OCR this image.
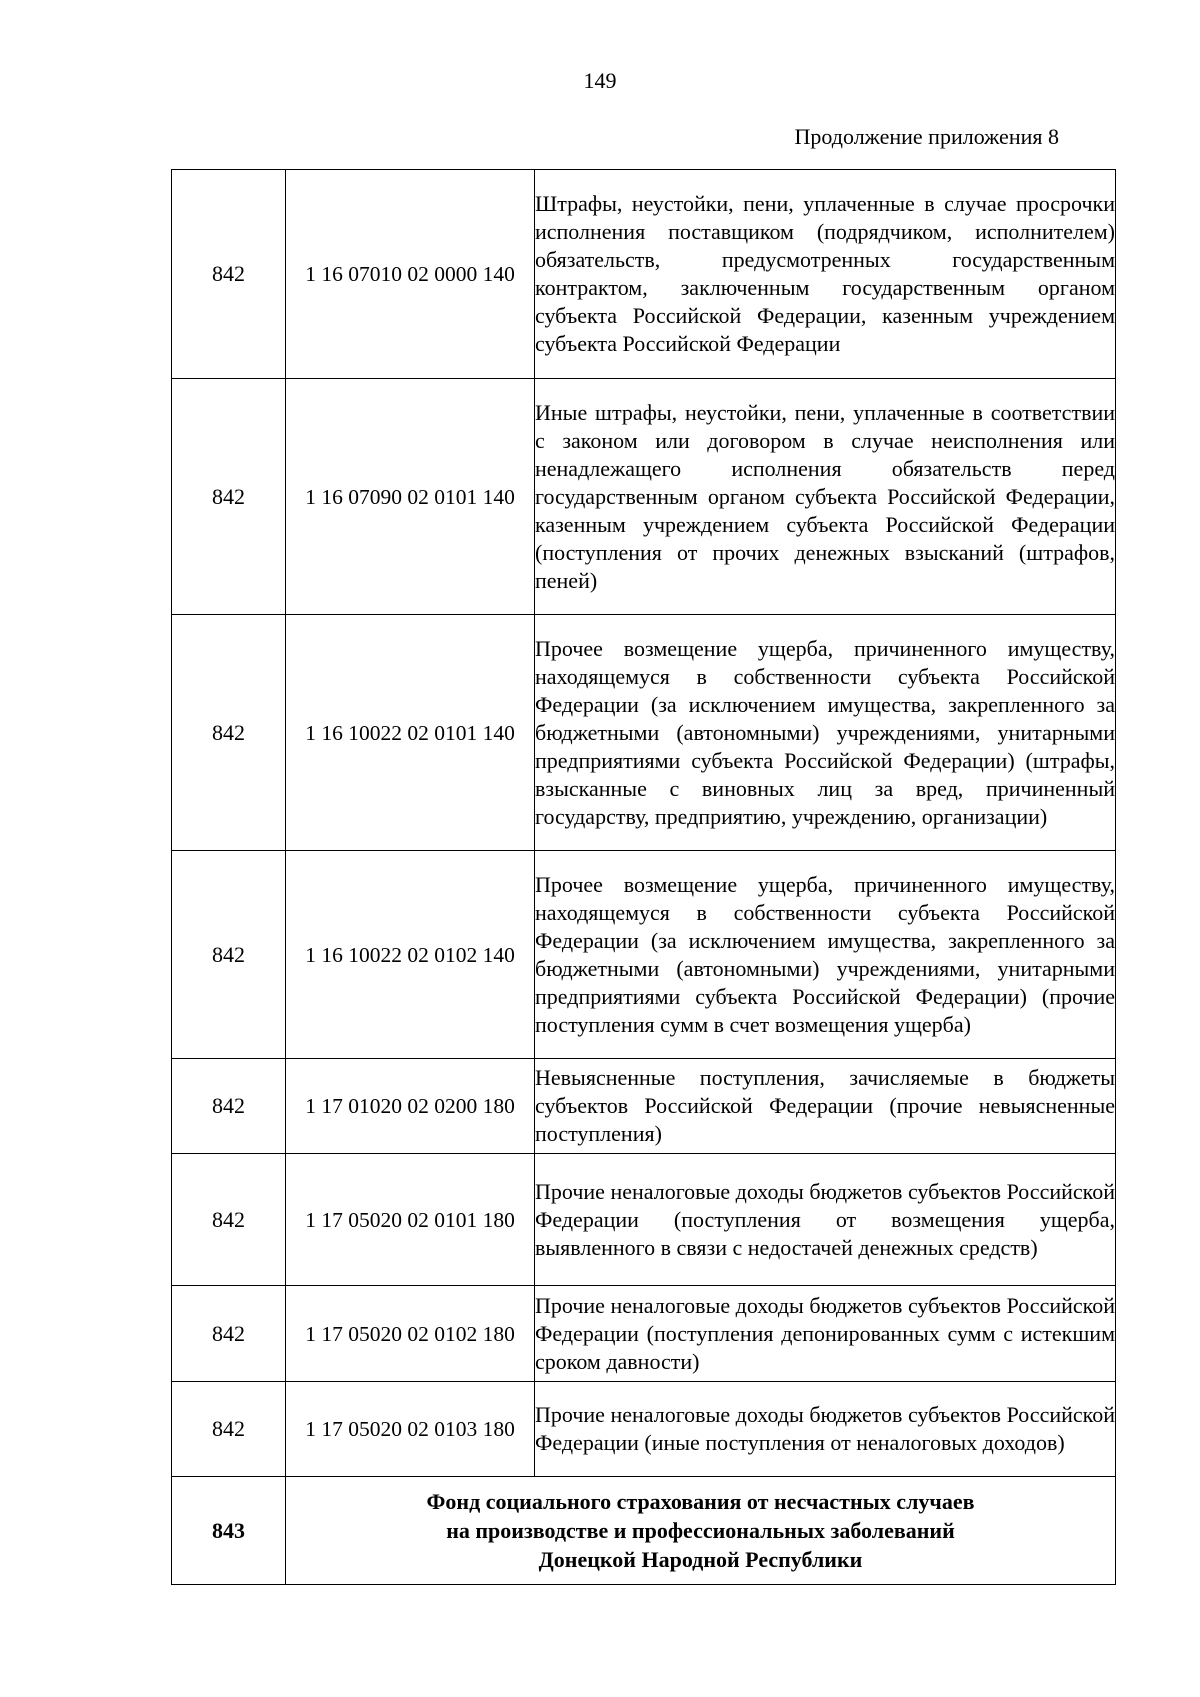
149
Продолжение приложения 8
842	1 16 07010 02 0000 140	Штрафы, неустойки, пени, уплаченные в случае просрочки исполнения поставщиком (подрядчиком, исполнителем) обязательств, предусмотренных государственным контрактом, заключенным государственным органом субъекта Российской Федерации, казенным учреждением субъекта Российской Федерации
842	1 16 07090 02 0101 140	Иные штрафы, неустойки, пени, уплаченные в соответствии с законом или договором в случае неисполнения или ненадлежащего исполнения обязательств перед государственным органом субъекта Российской Федерации, казенным учреждением субъекта Российской Федерации (поступления от прочих денежных взысканий (штрафов, пеней)
842	1 16 10022 02 0101 140	Прочее возмещение ущерба, причиненного имуществу, находящемуся в собственности субъекта Российской Федерации (за исключением имущества, закрепленного за бюджетными (автономными) учреждениями, унитарными предприятиями субъекта Российской Федерации) (штрафы, взысканные с виновных лиц за вред, причиненный государству, предприятию, учреждению, организации)
842	1 16 10022 02 0102 140	Прочее возмещение ущерба, причиненного имуществу, находящемуся в собственности субъекта Российской Федерации (за исключением имущества, закрепленного за бюджетными (автономными) учреждениями, унитарными предприятиями субъекта Российской Федерации) (прочие поступления сумм в счет возмещения ущерба)
842	1 17 01020 02 0200 180	Невыясненные поступления, зачисляемые в бюджеты субъектов Российской Федерации (прочие невыясненные поступления)
842	1 17 05020 02 0101 180	Прочие неналоговые доходы бюджетов субъектов Российской Федерации (поступления от возмещения ущерба, выявленного в связи с недостачей денежных средств)
842	1 17 05020 02 0102 180	Прочие неналоговые доходы бюджетов субъектов Российской Федерации (поступления депонированных сумм с истекшим сроком давности)
842	1 17 05020 02 0103 180	Прочие неналоговые доходы бюджетов субъектов Российской Федерации (иные поступления от неналоговых доходов)
843	Фонд социального страхования от несчастных случаев
на производстве и профессиональных заболеваний
Донецкой Народной Республики	
